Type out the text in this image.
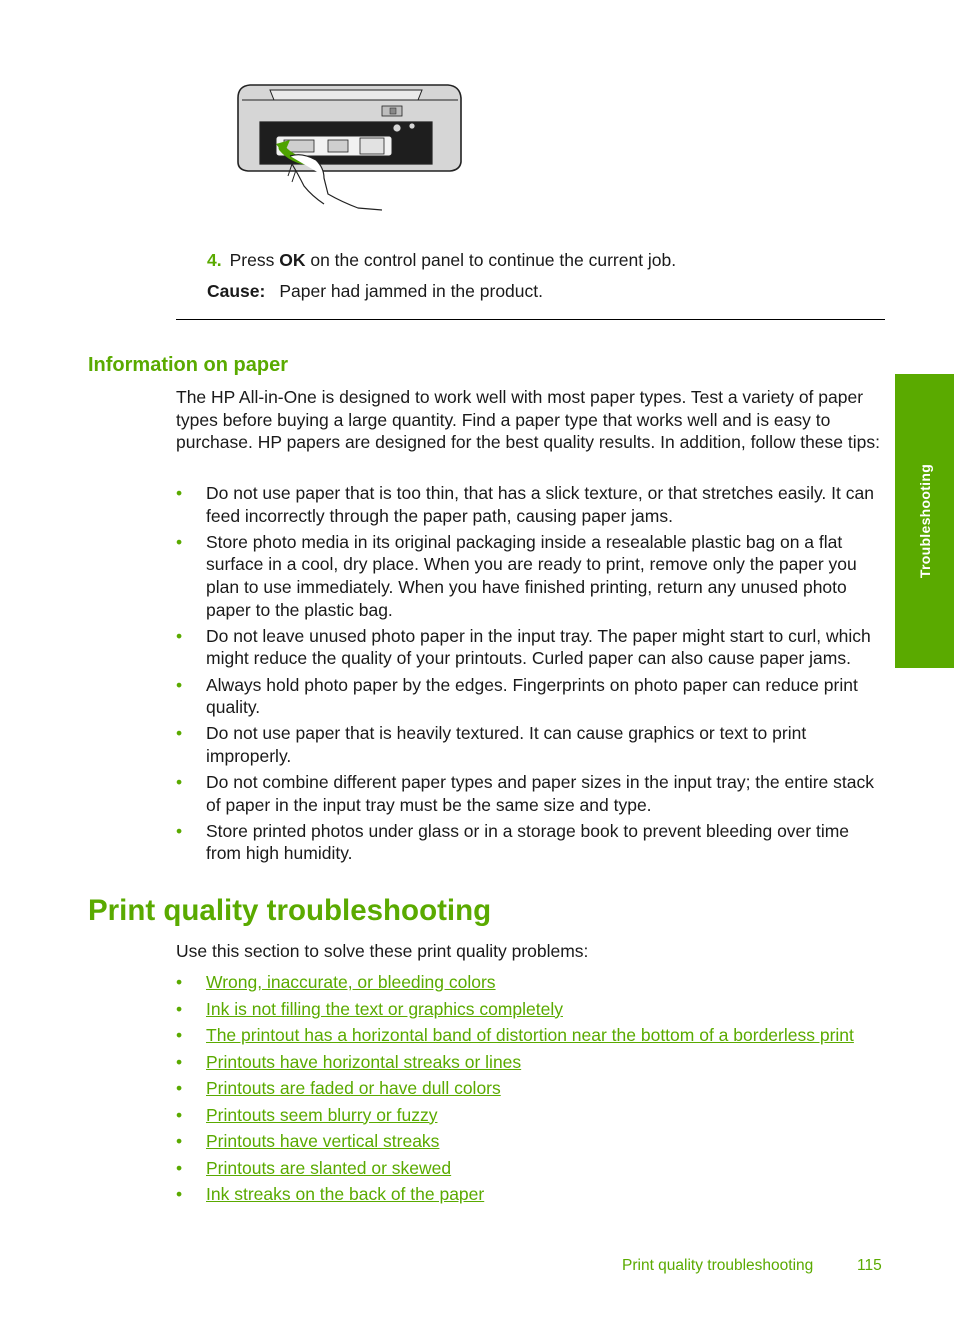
4. Press OK on the control panel to continue the current job.
Cause: Paper had jammed in the product.
Information on paper
The HP All-in-One is designed to work well with most paper types. Test a variety of paper types before buying a large quantity. Find a paper type that works well and is easy to purchase. HP papers are designed for the best quality results. In addition, follow these tips:
• Do not use paper that is too thin, that has a slick texture, or that stretches easily. It can feed incorrectly through the paper path, causing paper jams.
• Store photo media in its original packaging inside a resealable plastic bag on a flat surface in a cool, dry place. When you are ready to print, remove only the paper you plan to use immediately. When you have finished printing, return any unused photo paper to the plastic bag.
• Do not leave unused photo paper in the input tray. The paper might start to curl, which might reduce the quality of your printouts. Curled paper can also cause paper jams.
• Always hold photo paper by the edges. Fingerprints on photo paper can reduce print quality.
• Do not use paper that is heavily textured. It can cause graphics or text to print improperly.
• Do not combine different paper types and paper sizes in the input tray; the entire stack of paper in the input tray must be the same size and type.
• Store printed photos under glass or in a storage book to prevent bleeding over time from high humidity.
Print quality troubleshooting
Use this section to solve these print quality problems:
• Wrong, inaccurate, or bleeding colors
• Ink is not filling the text or graphics completely
• The printout has a horizontal band of distortion near the bottom of a borderless print
• Printouts have horizontal streaks or lines
• Printouts are faded or have dull colors
• Printouts seem blurry or fuzzy
• Printouts have vertical streaks
• Printouts are slanted or skewed
• Ink streaks on the back of the paper
Print quality troubleshooting	115
Troubleshooting
